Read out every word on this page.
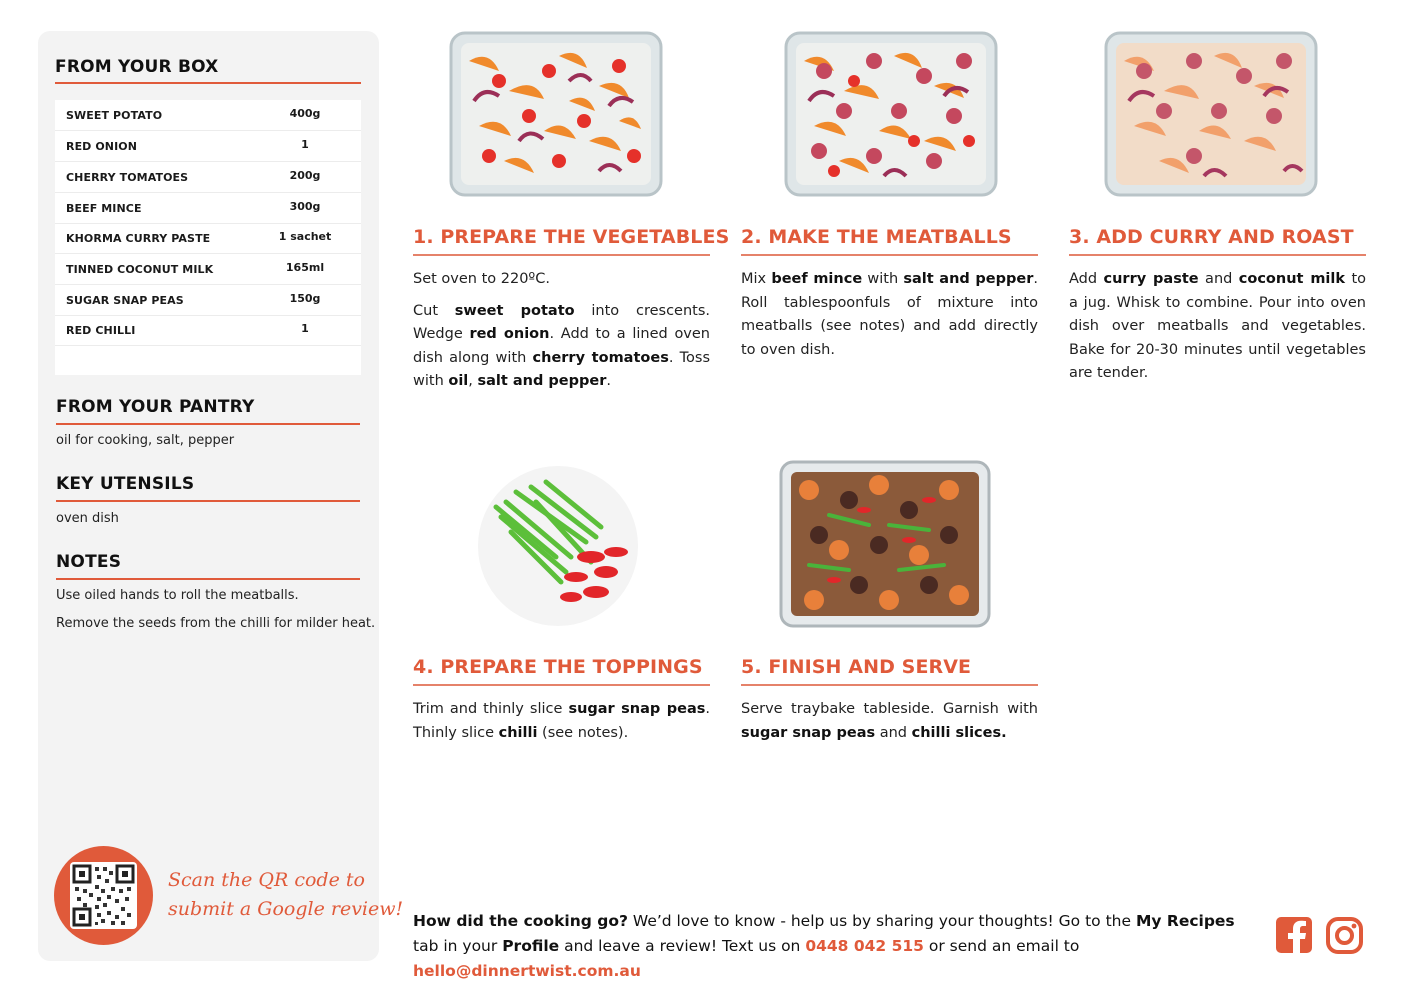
FROM YOUR BOX
SWEET POTATO	400g
RED ONION	1
CHERRY TOMATOES	200g
BEEF MINCE	300g
KHORMA CURRY PASTE	1 sachet
TINNED COCONUT MILK	165ml
SUGAR SNAP PEAS	150g
RED CHILLI	1
FROM YOUR PANTRY
oil for cooking, salt, pepper
KEY UTENSILS
oven dish
NOTES
Use oiled hands to roll the meatballs.
Remove the seeds from the chilli for milder heat.
Scan the QR code to
submit a Google review!
1. PREPARE THE VEGETABLES

Set oven to 220ºC.

Cut sweet potato into crescents. Wedge red onion. Add to a lined oven dish along with cherry tomatoes. Toss with oil, salt and pepper.

2. MAKE THE MEATBALLS

Mix beef mince with salt and pepper. Roll tablespoonfuls of mixture into meatballs (see notes) and add directly to oven dish.

3. ADD CURRY AND ROAST

Add curry paste and coconut milk to a jug. Whisk to combine. Pour into oven dish over meatballs and vegetables. Bake for 20-30 minutes until vegetables are tender.

4. PREPARE THE TOPPINGS

Trim and thinly slice sugar snap peas. Thinly slice chilli (see notes).

5. FINISH AND SERVE

Serve traybake tableside. Garnish with sugar snap peas and chilli slices.

How did the cooking go? We’d love to know - help us by sharing your thoughts! Go to the My Recipes tab in your Profile and leave a review! Text us on 0448 042 515 or send an email to hello@dinnertwist.com.au
